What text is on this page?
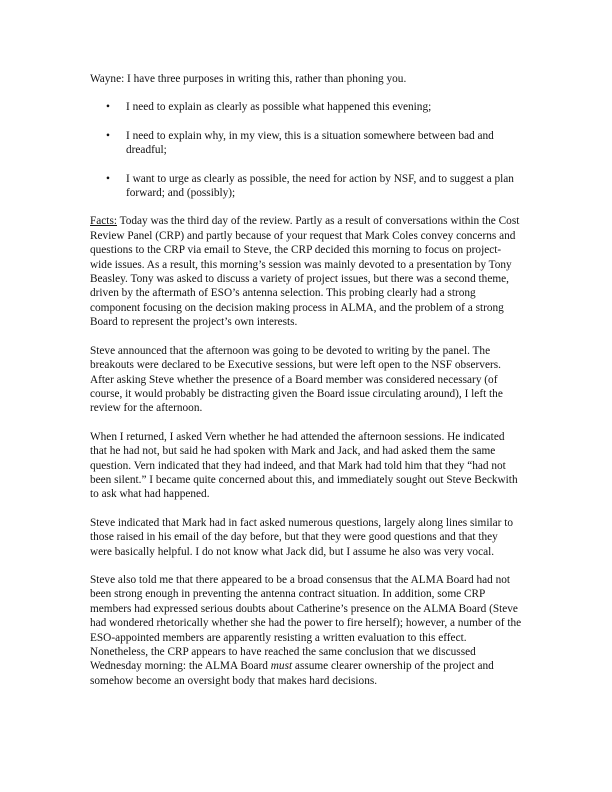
Wayne: I have three purposes in writing this, rather than phoning you.

• I need to explain as clearly as possible what happened this evening;
• I need to explain why, in my view, this is a situation somewhere between bad and dreadful;
• I want to urge as clearly as possible, the need for action by NSF, and to suggest a plan forward; and (possibly);

Facts: Today was the third day of the review. Partly as a result of conversations within the Cost Review Panel (CRP) and partly because of your request that Mark Coles convey concerns and questions to the CRP via email to Steve, the CRP decided this morning to focus on project-wide issues. As a result, this morning’s session was mainly devoted to a presentation by Tony Beasley. Tony was asked to discuss a variety of project issues, but there was a second theme, driven by the aftermath of ESO’s antenna selection. This probing clearly had a strong component focusing on the decision making process in ALMA, and the problem of a strong Board to represent the project’s own interests.

Steve announced that the afternoon was going to be devoted to writing by the panel. The breakouts were declared to be Executive sessions, but were left open to the NSF observers. After asking Steve whether the presence of a Board member was considered necessary (of course, it would probably be distracting given the Board issue circulating around), I left the review for the afternoon.

When I returned, I asked Vern whether he had attended the afternoon sessions. He indicated that he had not, but said he had spoken with Mark and Jack, and had asked them the same question. Vern indicated that they had indeed, and that Mark had told him that they “had not been silent.” I became quite concerned about this, and immediately sought out Steve Beckwith to ask what had happened.

Steve indicated that Mark had in fact asked numerous questions, largely along lines similar to those raised in his email of the day before, but that they were good questions and that they were basically helpful. I do not know what Jack did, but I assume he also was very vocal.

Steve also told me that there appeared to be a broad consensus that the ALMA Board had not been strong enough in preventing the antenna contract situation. In addition, some CRP members had expressed serious doubts about Catherine’s presence on the ALMA Board (Steve had wondered rhetorically whether she had the power to fire herself); however, a number of the ESO-appointed members are apparently resisting a written evaluation to this effect. Nonetheless, the CRP appears to have reached the same conclusion that we discussed Wednesday morning: the ALMA Board must assume clearer ownership of the project and somehow become an oversight body that makes hard decisions.
